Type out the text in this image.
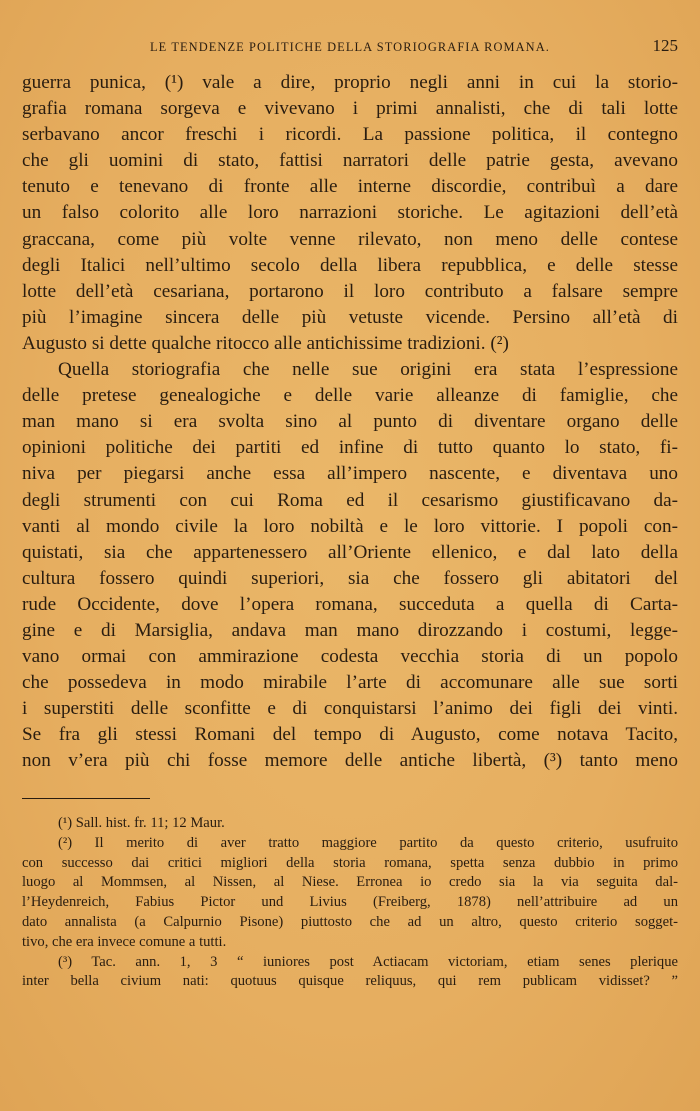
LE TENDENZE POLITICHE DELLA STORIOGRAFIA ROMANA.	125
guerra punica, (¹) vale a dire, proprio negli anni in cui la storio-
grafia romana sorgeva e vivevano i primi annalisti, che di tali lotte
serbavano ancor freschi i ricordi. La passione politica, il contegno
che gli uomini di stato, fattisi narratori delle patrie gesta, avevano
tenuto e tenevano di fronte alle interne discordie, contribuì a dare
un falso colorito alle loro narrazioni storiche. Le agitazioni dell’età
graccana, come più volte venne rilevato, non meno delle contese
degli Italici nell’ultimo secolo della libera repubblica, e delle stesse
lotte dell’età cesariana, portarono il loro contributo a falsare sempre
più l’imagine sincera delle più vetuste vicende. Persino all’età di
Augusto si dette qualche ritocco alle antichissime tradizioni. (²)
Quella storiografia che nelle sue origini era stata l’espressione
delle pretese genealogiche e delle varie alleanze di famiglie, che
man mano si era svolta sino al punto di diventare organo delle
opinioni politiche dei partiti ed infine di tutto quanto lo stato, fi-
niva per piegarsi anche essa all’impero nascente, e diventava uno
degli strumenti con cui Roma ed il cesarismo giustificavano da-
vanti al mondo civile la loro nobiltà e le loro vittorie. I popoli con-
quistati, sia che appartenessero all’Oriente ellenico, e dal lato della
cultura fossero quindi superiori, sia che fossero gli abitatori del
rude Occidente, dove l’opera romana, succeduta a quella di Carta-
gine e di Marsiglia, andava man mano dirozzando i costumi, legge-
vano ormai con ammirazione codesta vecchia storia di un popolo
che possedeva in modo mirabile l’arte di accomunare alle sue sorti
i superstiti delle sconfitte e di conquistarsi l’animo dei figli dei vinti.
Se fra gli stessi Romani del tempo di Augusto, come notava Tacito,
non v’era più chi fosse memore delle antiche libertà, (³) tanto meno
(¹) Sall. hist. fr. 11; 12 Maur.
(²) Il merito di aver tratto maggiore partito da questo criterio, usufruito
con successo dai critici migliori della storia romana, spetta senza dubbio in primo
luogo al Mommsen, al Nissen, al Niese. Erronea io credo sia la via seguita dal-
l’Heydenreich, Fabius Pictor und Livius (Freiberg, 1878) nell’attribuire ad un
dato annalista (a Calpurnio Pisone) piuttosto che ad un altro, questo criterio sogget-
tivo, che era invece comune a tutti.
(³) Tac. ann. 1, 3 “ iuniores post Actiacam victoriam, etiam senes plerique
inter bella civium nati: quotuus quisque reliquus, qui rem publicam vidisset? ”
